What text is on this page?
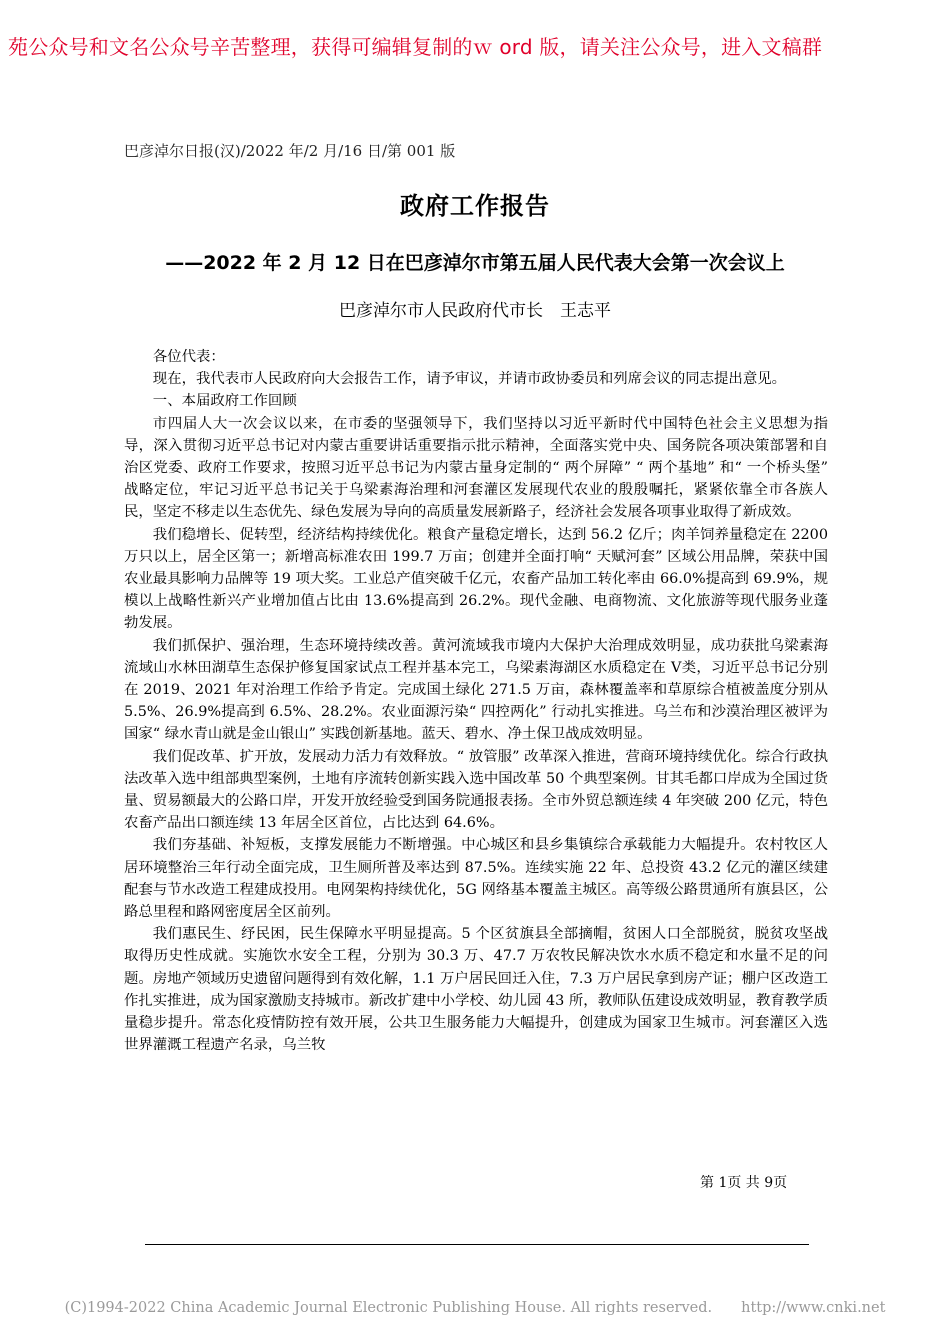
苑公众号和文名公众号辛苦整理，获得可编辑复制的ｗ ord 版，请关注公众号，进入文稿群
巴彦淖尔日报(汉)/2022 年/2 月/16 日/第 001 版
政府工作报告
——2022 年 2 月 12 日在巴彦淖尔市第五届人民代表大会第一次会议上
巴彦淖尔市人民政府代市长　王志平

各位代表：

现在，我代表市人民政府向大会报告工作，请予审议，并请市政协委员和列席会议的同志提出意见。

一、本届政府工作回顾

市四届人大一次会议以来，在市委的坚强领导下，我们坚持以习近平新时代中国特色社会主义思想为指导，深入贯彻习近平总书记对内蒙古重要讲话重要指示批示精神，全面落实党中央、国务院各项决策部署和自治区党委、政府工作要求，按照习近平总书记为内蒙古量身定制的“ 两个屏障” “ 两个基地” 和“ 一个桥头堡” 战略定位，牢记习近平总书记关于乌梁素海治理和河套灌区发展现代农业的殷殷嘱托，紧紧依靠全市各族人民，坚定不移走以生态优先、绿色发展为导向的高质量发展新路子，经济社会发展各项事业取得了新成效。

我们稳增长、促转型，经济结构持续优化。粮食产量稳定增长，达到 56.2 亿斤；肉羊饲养量稳定在 2200 万只以上，居全区第一；新增高标准农田 199.7 万亩；创建并全面打响“ 天赋河套” 区域公用品牌，荣获中国农业最具影响力品牌等 19 项大奖。工业总产值突破千亿元，农畜产品加工转化率由 66.0%提高到 69.9%，规模以上战略性新兴产业增加值占比由 13.6%提高到 26.2%。现代金融、电商物流、文化旅游等现代服务业蓬勃发展。

我们抓保护、强治理，生态环境持续改善。黄河流域我市境内大保护大治理成效明显，成功获批乌梁素海流域山水林田湖草生态保护修复国家试点工程并基本完工，乌梁素海湖区水质稳定在 Ⅴ类，习近平总书记分别在 2019、2021 年对治理工作给予肯定。完成国土绿化 271.5 万亩，森林覆盖率和草原综合植被盖度分别从 5.5%、26.9%提高到 6.5%、28.2%。农业面源污染“ 四控两化” 行动扎实推进。乌兰布和沙漠治理区被评为国家“ 绿水青山就是金山银山” 实践创新基地。蓝天、碧水、净土保卫战成效明显。

我们促改革、扩开放，发展动力活力有效释放。“ 放管服” 改革深入推进，营商环境持续优化。综合行政执法改革入选中组部典型案例，土地有序流转创新实践入选中国改革 50 个典型案例。甘其毛都口岸成为全国过货量、贸易额最大的公路口岸，开发开放经验受到国务院通报表扬。全市外贸总额连续 4 年突破 200 亿元，特色农畜产品出口额连续 13 年居全区首位，占比达到 64.6%。

我们夯基础、补短板，支撑发展能力不断增强。中心城区和县乡集镇综合承载能力大幅提升。农村牧区人居环境整治三年行动全面完成，卫生厕所普及率达到 87.5%。连续实施 22 年、总投资 43.2 亿元的灌区续建配套与节水改造工程建成投用。电网架构持续优化，5G 网络基本覆盖主城区。高等级公路贯通所有旗县区，公路总里程和路网密度居全区前列。

我们惠民生、纾民困，民生保障水平明显提高。5 个区贫旗县全部摘帽，贫困人口全部脱贫，脱贫攻坚战取得历史性成就。实施饮水安全工程，分别为 30.3 万、47.7 万农牧民解决饮水水质不稳定和水量不足的问题。房地产领域历史遗留问题得到有效化解，1.1 万户居民回迁入住，7.3 万户居民拿到房产证；棚户区改造工作扎实推进，成为国家激励支持城市。新改扩建中小学校、幼儿园 43 所，教师队伍建设成效明显，教育教学质量稳步提升。常态化疫情防控有效开展，公共卫生服务能力大幅提升，创建成为国家卫生城市。河套灌区入选世界灌溉工程遗产名录，乌兰牧

第 1页 共 9页
(C)1994-2022 China Academic Journal Electronic Publishing House. All rights reserved.　　http://www.cnki.net
